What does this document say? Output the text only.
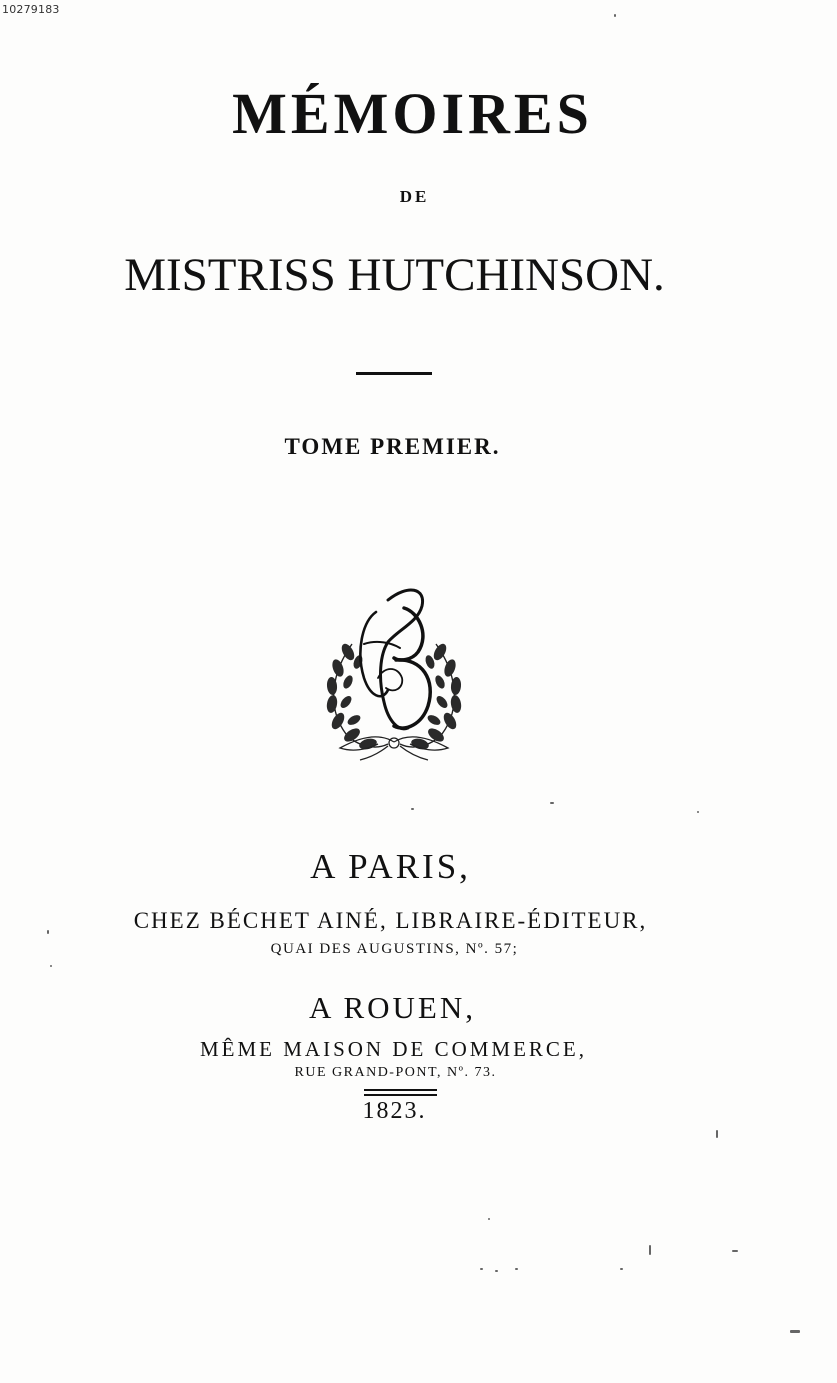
10279183
MÉMOIRES
DE
MISTRISS HUTCHINSON.
TOME PREMIER.
A PARIS,
CHEZ BÉCHET AINÉ, LIBRAIRE-ÉDITEUR,
QUAI DES AUGUSTINS, Nº. 57;
A ROUEN,
MÊME MAISON DE COMMERCE,
RUE GRAND-PONT, Nº. 73.
1823.
